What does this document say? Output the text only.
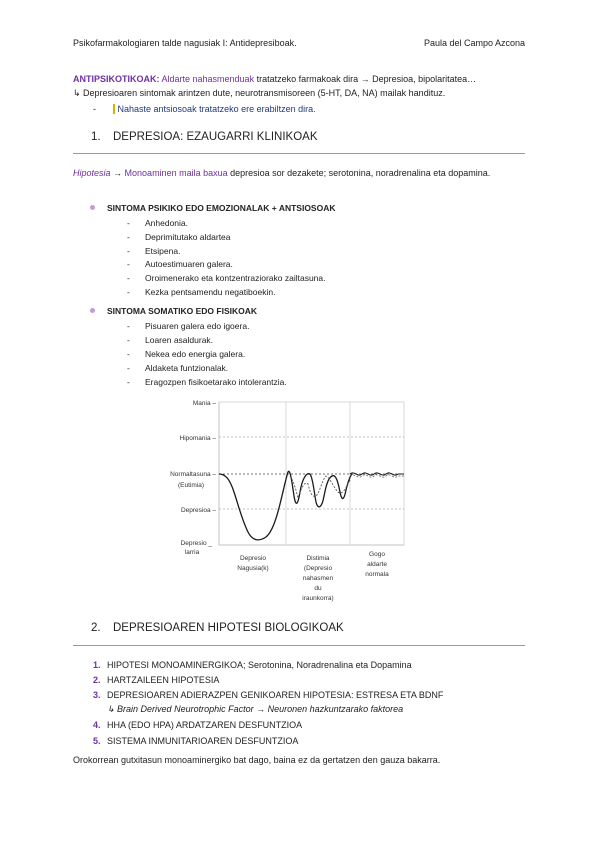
Psikofarmakologiaren talde nagusiak I: Antidepresiboak.	Paula del Campo Azcona
ANTIPSIKOTIKOAK: Aldarte nahasmenduak tratatzeko farmakoak dira → Depresioa, bipolaritatea…
↳ Depresioaren sintomak arintzen dute, neurotransmisoreen (5-HT, DA, NA) mailak handituz.
- Nahaste antsiosoak tratatzeko ere erabiltzen dira.
1. DEPRESIOA: EZAUGARRI KLINIKOAK
Hipotesia → Monoaminen maila baxua depresioa sor dezakete; serotonina, noradrenalina eta dopamina.
SINTOMA PSIKIKO EDO EMOZIONALAK + ANTSIOSOAK
- Anhedonia.
- Deprimitutako aldartea
- Etsipena.
- Autoestimuaren galera.
- Oroimenerako eta kontzentraziorako zailtasuna.
- Kezka pentsamendu negatiboekin.
SINTOMA SOMATIKO EDO FISIKOAK
- Pisuaren galera edo igoera.
- Loaren asaldurak.
- Nekea edo energia galera.
- Aldaketa funtzionalak.
- Eragozpen fisikoetarako intolerantzia.
Mania –
Hipomania –
Normaltasuna –
(Eutimia)
Depresioa –
Depresio _
larria
Depresio
Nagusia(k)
Distimia
(Depresio
nahasmen
du
iraunkorra)
Gogo
aldarte
normala
2. DEPRESIOAREN HIPOTESI BIOLOGIKOAK
1. HIPOTESI MONOAMINERGIKOA; Serotonina, Noradrenalina eta Dopamina
2. HARTZAILEEN HIPOTESIA
3. DEPRESIOAREN ADIERAZPEN GENIKOAREN HIPOTESIA: ESTRESA ETA BDNF
↳ Brain Derived Neurotrophic Factor → Neuronen hazkuntzarako faktorea
4. HHA (EDO HPA) ARDATZAREN DESFUNTZIOA
5. SISTEMA INMUNITARIOAREN DESFUNTZIOA
Orokorrean gutxitasun monoaminergiko bat dago, baina ez da gertatzen den gauza bakarra.
